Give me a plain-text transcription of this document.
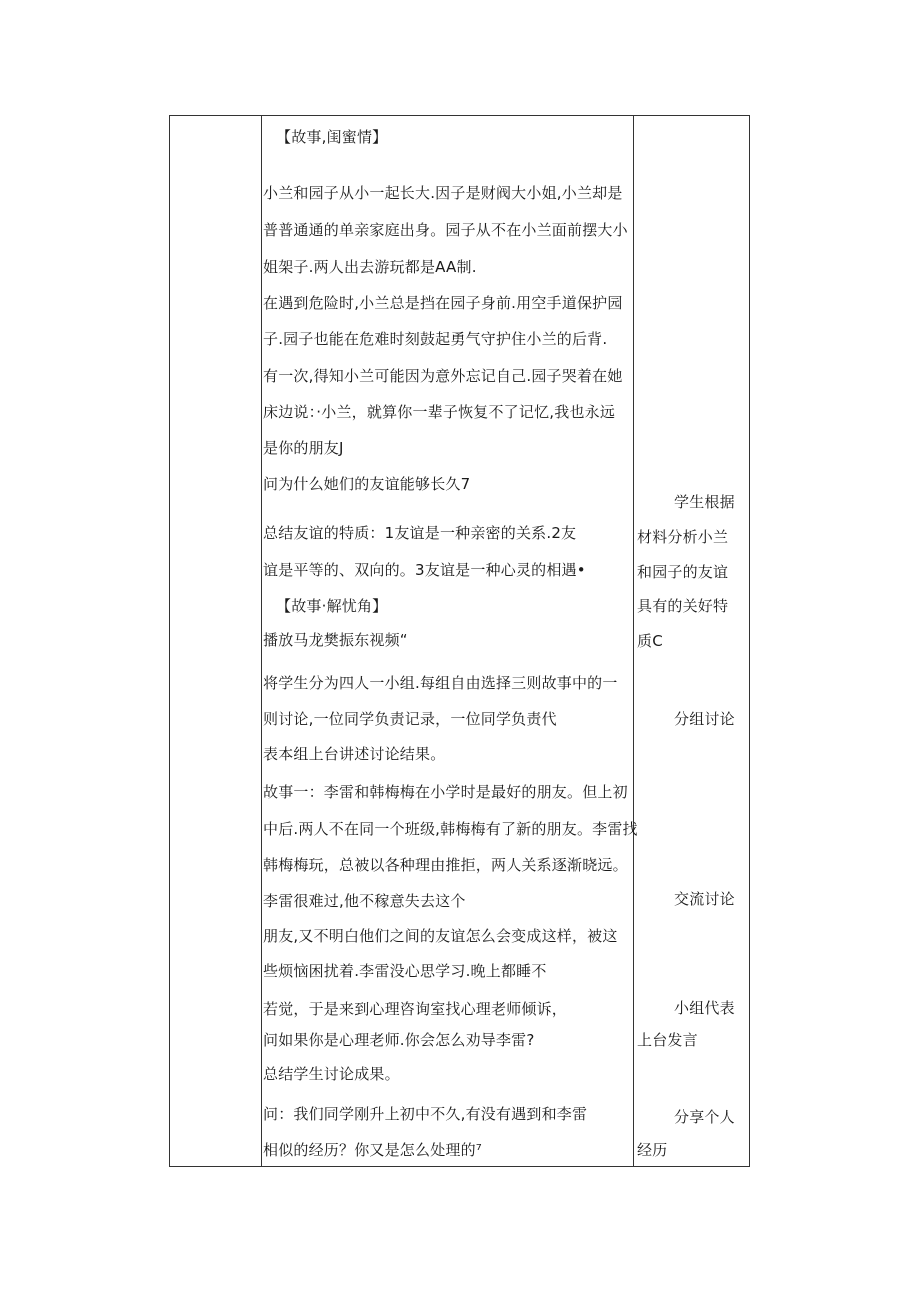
【故事,闺蜜情】
小兰和园子从小一起长大.因子是财阀大小姐,小兰却是
普普通通的单亲家庭出身。园子从不在小兰面前摆大小
姐架子.两人出去游玩都是AA制.
在遇到危险时,小兰总是挡在园子身前.用空手道保护园
子.园子也能在危难时刻鼓起勇气守护住小兰的后背.
有一次,得知小兰可能因为意外忘记自己.园子哭着在她
床边说：·小兰，就算你一辈子恢复不了记忆,我也永远
是你的朋友J
问为什么她们的友谊能够长久7
总结友谊的特质：1友谊是一种亲密的关系.2友
谊是平等的、双向的。3友谊是一种心灵的相遇•
【故事·解忧角】
播放马龙樊振东视频“
将学生分为四人一小组.每组自由选择三则故事中的一
则讨论,一位同学负责记录，一位同学负责代
表本组上台讲述讨论结果。
故事一：李雷和韩梅梅在小学时是最好的朋友。但上初
中后.两人不在同一个班级,韩梅梅有了新的朋友。李雷找
韩梅梅玩，总被以各种理由推拒，两人关系逐渐晓远。
李雷很难过,他不稼意失去这个
朋友,又不明白他们之间的友谊怎么会变成这样，被这
些烦恼困扰着.李雷没心思学习.晚上都睡不
若觉，于是来到心理咨询室找心理老师倾诉，
问如果你是心理老师.你会怎么劝导李雷?
总结学生讨论成果。
问：我们同学刚升上初中不久,有没有遇到和李雷
相似的经历？你又是怎么处理的⁷
学生根据
材料分析小兰
和园子的友谊
具有的关好特
质C
分组讨论
交流讨论
小组代表
上台发言
分享个人
经历
